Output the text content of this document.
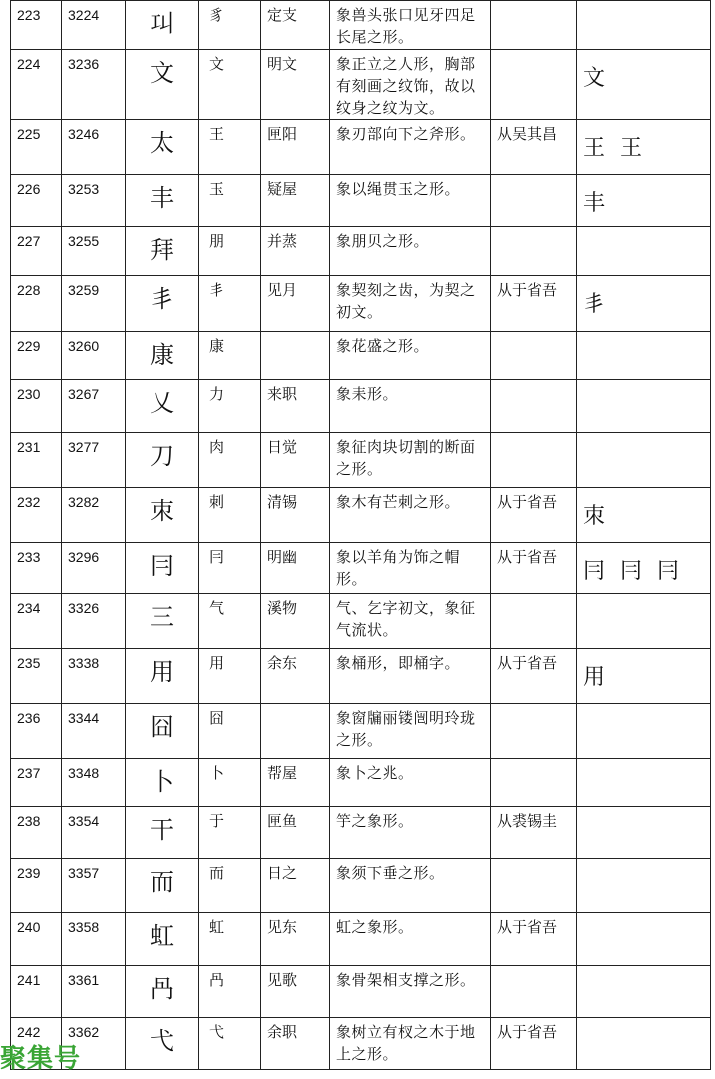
223	3224	𢀙	豸	定支	象兽头张口见牙四足长尾之形。		
224	3236	文	文	明文	象正立之人形，胸部有刻画之纹饰，故以纹身之纹为文。		文
225	3246	太	王	匣阳	象刃部向下之斧形。	从吴其昌	王 王
226	3253	丰	玉	疑屋	象以绳贯玉之形。		丰
227	3255	拜	朋	并蒸	象朋贝之形。		
228	3259	丯	丯	见月	象契刻之齿，为契之初文。	从于省吾	丯
229	3260	康	康		象花盛之形。		
230	3267	乂	力	来职	象耒形。		
231	3277	刀	肉	日觉	象征肉块切割的断面之形。		
232	3282	朿	刺	清锡	象木有芒刺之形。	从于省吾	朿
233	3296	冃	冃	明幽	象以羊角为饰之帽形。	从于省吾	冃 冃 冃
234	3326	三	气	溪物	气、乞字初文，象征气流状。		
235	3338	用	用	余东	象桶形，即桶字。	从于省吾	用
236	3344	囧	囧		象窗牖丽镂闿明玲珑之形。		
237	3348	卜	卜	帮屋	象卜之兆。		
238	3354	干	于	匣鱼	竽之象形。	从裘锡圭	
239	3357	而	而	日之	象须下垂之形。		
240	3358	虹	虹	见东	虹之象形。	从于省吾	
241	3361	冎	冎	见歌	象骨架相支撑之形。		
242	3362	弋	弋	余职	象树立有杈之木于地上之形。	从于省吾	
聚集号
